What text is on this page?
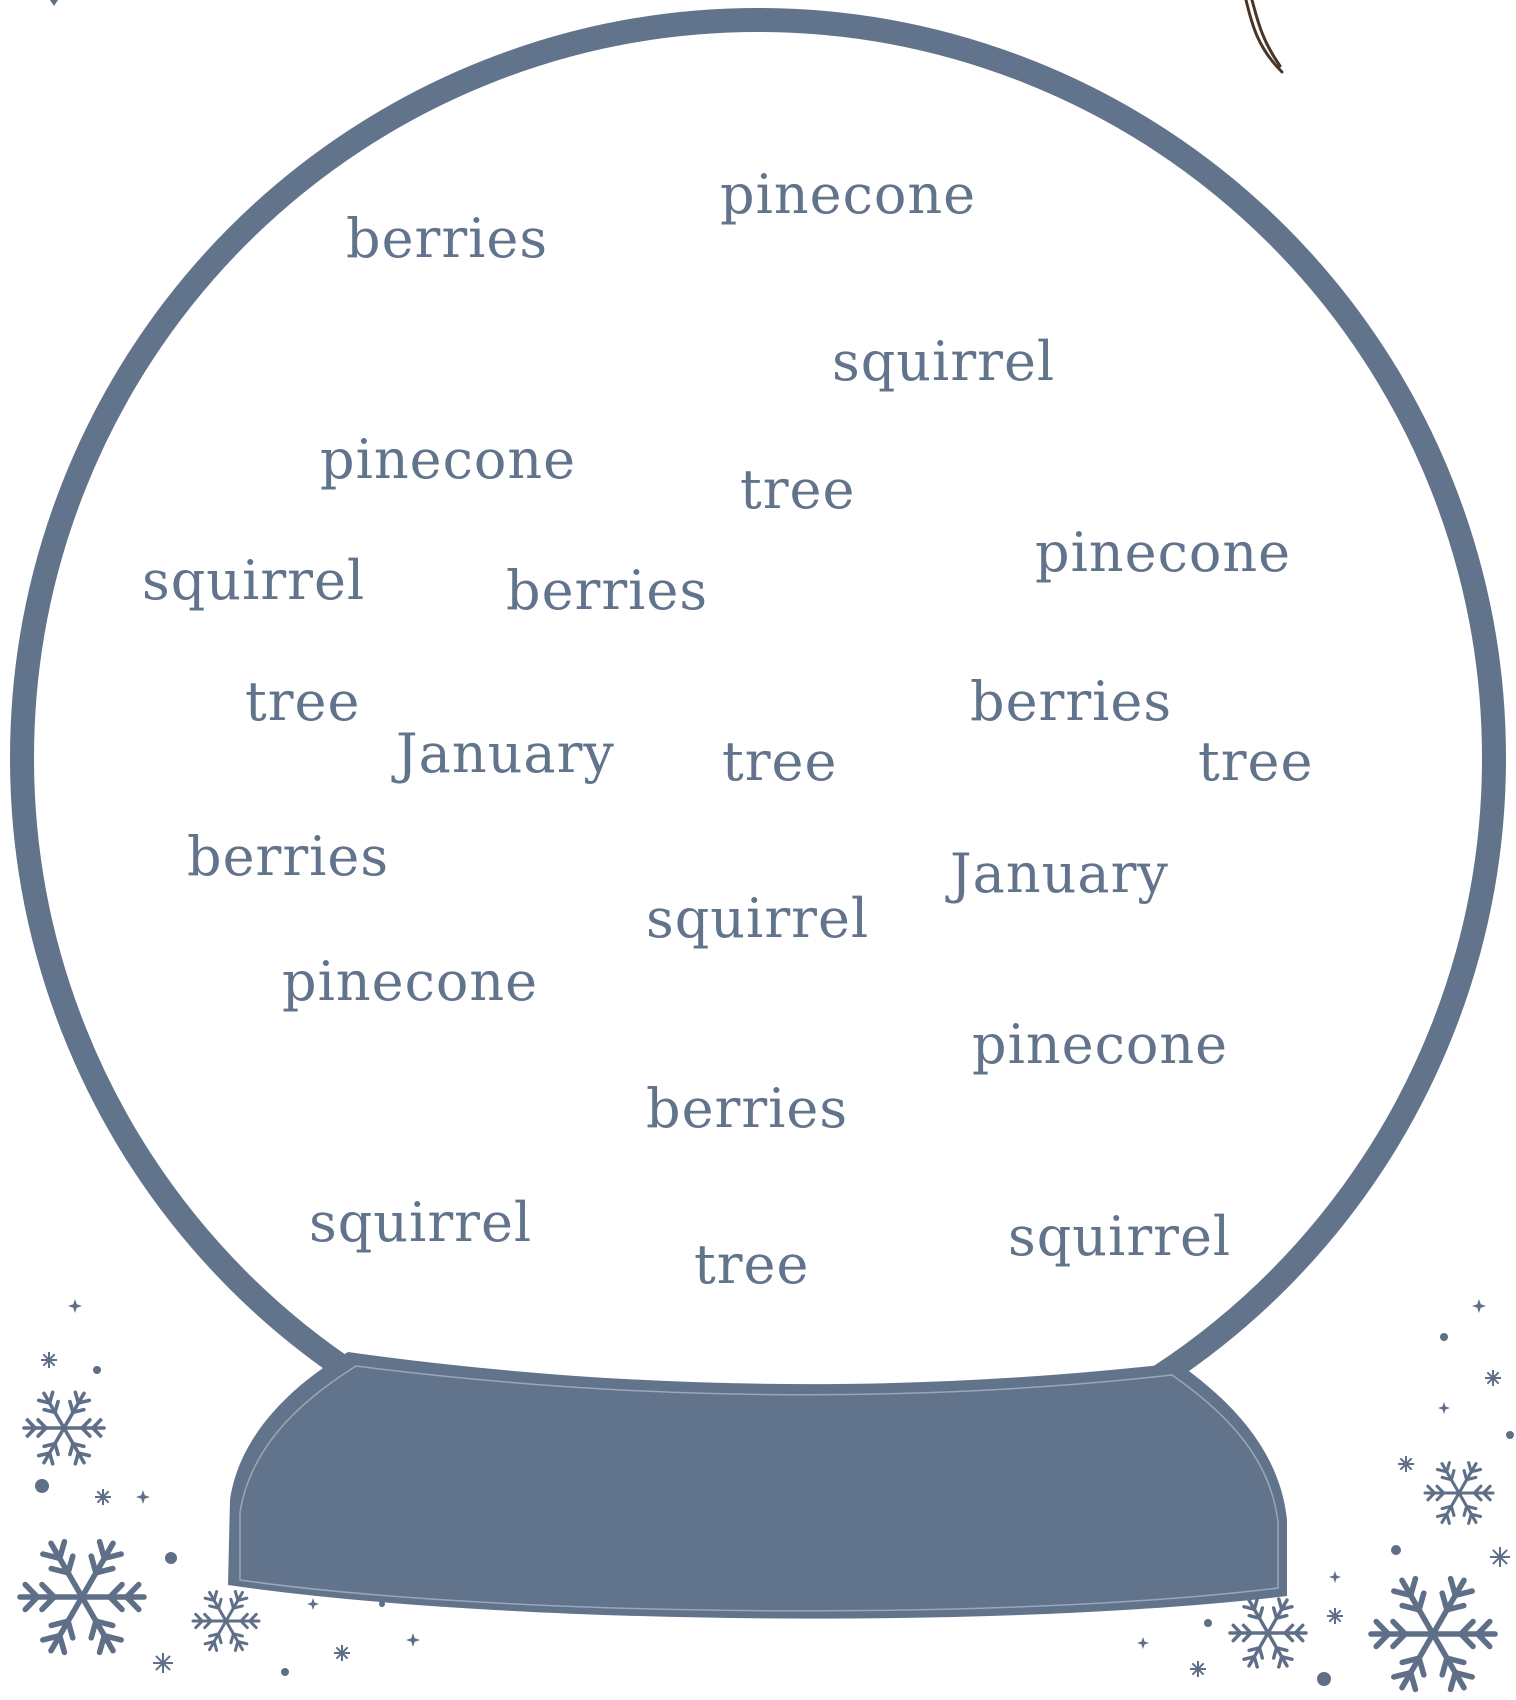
berries
pinecone
squirrel
pinecone	tree
squirrel	berries
pinecone
tree	berries
January tree	tree
berries	January
squirrel
pinecone
pinecone
berries
squirrel
tree	squirrel
